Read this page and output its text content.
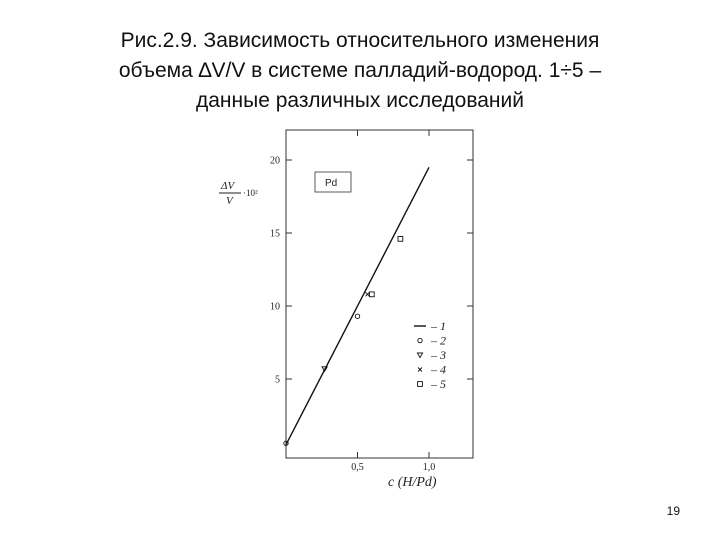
Рис.2.9. Зависимость относительного изменения
объема ∆V/V в системе палладий-водород. 1÷5 –
данные различных исследований
5
10
15
20
0,5	1,0
– 1
– 2
– 3
– 4
– 5
ΔV
V
·10²
Pd
c (H/Pd)
19
